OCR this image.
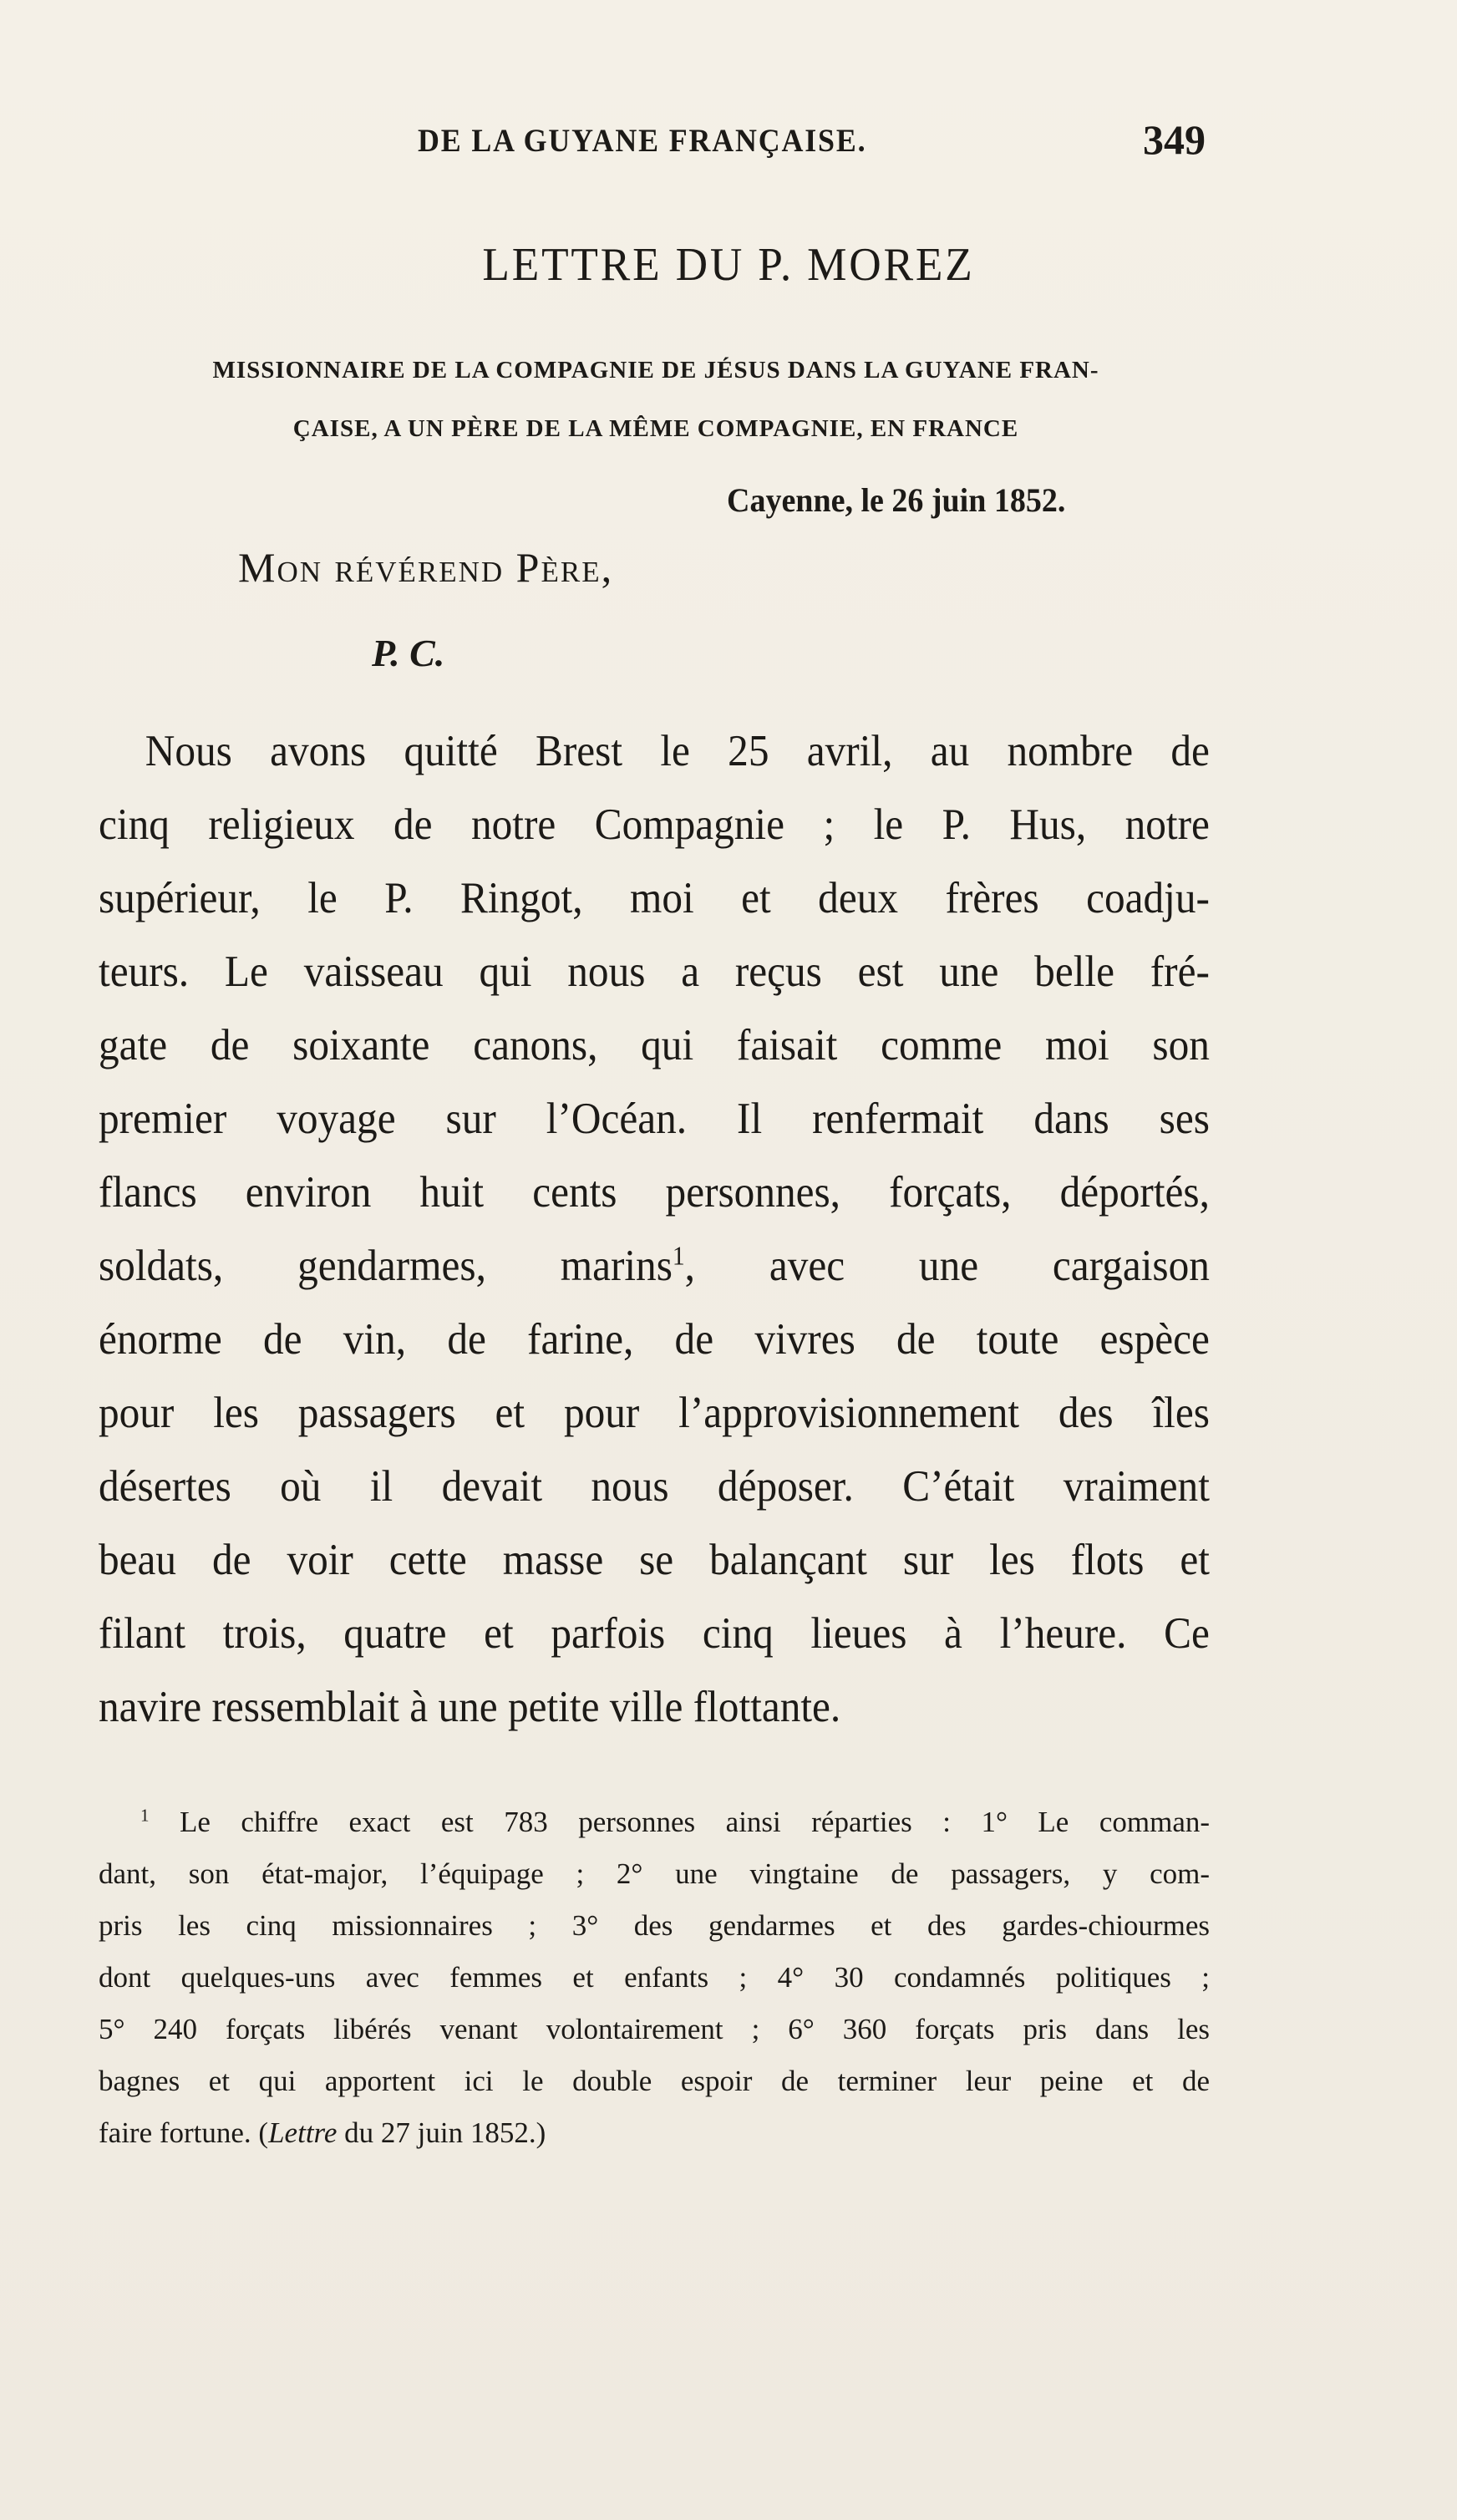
DE LA GUYANE FRANÇAISE.	349
LETTRE DU P. MOREZ
MISSIONNAIRE DE LA COMPAGNIE DE JÉSUS DANS LA GUYANE FRAN-
ÇAISE, A UN PÈRE DE LA MÊME COMPAGNIE, EN FRANCE
Cayenne, le 26 juin 1852.
Mon révérend Père,
P. C.
Nous avons quitté Brest le 25 avril, au nombre de
cinq religieux de notre Compagnie ; le P. Hus, notre
supérieur, le P. Ringot, moi et deux frères coadju-
teurs. Le vaisseau qui nous a reçus est une belle fré-
gate de soixante canons, qui faisait comme moi son
premier voyage sur l’Océan. Il renfermait dans ses
flancs environ huit cents personnes, forçats, déportés,
soldats, gendarmes, marins$^1$, avec une cargaison
énorme de vin, de farine, de vivres de toute espèce
pour les passagers et pour l’approvisionnement des îles
désertes où il devait nous déposer. C’était vraiment
beau de voir cette masse se balançant sur les flots et
filant trois, quatre et parfois cinq lieues à l’heure. Ce
navire ressemblait à une petite ville flottante.
$^1$ Le chiffre exact est 783 personnes ainsi réparties : 1° Le comman-
dant, son état-major, l’équipage ; 2° une vingtaine de passagers, y com-
pris les cinq missionnaires ; 3° des gendarmes et des gardes-chiourmes
dont quelques-uns avec femmes et enfants ; 4° 30 condamnés politiques ;
5° 240 forçats libérés venant volontairement ; 6° 360 forçats pris dans les
bagnes et qui apportent ici le double espoir de terminer leur peine et de
faire fortune. (Lettre du 27 juin 1852.)
